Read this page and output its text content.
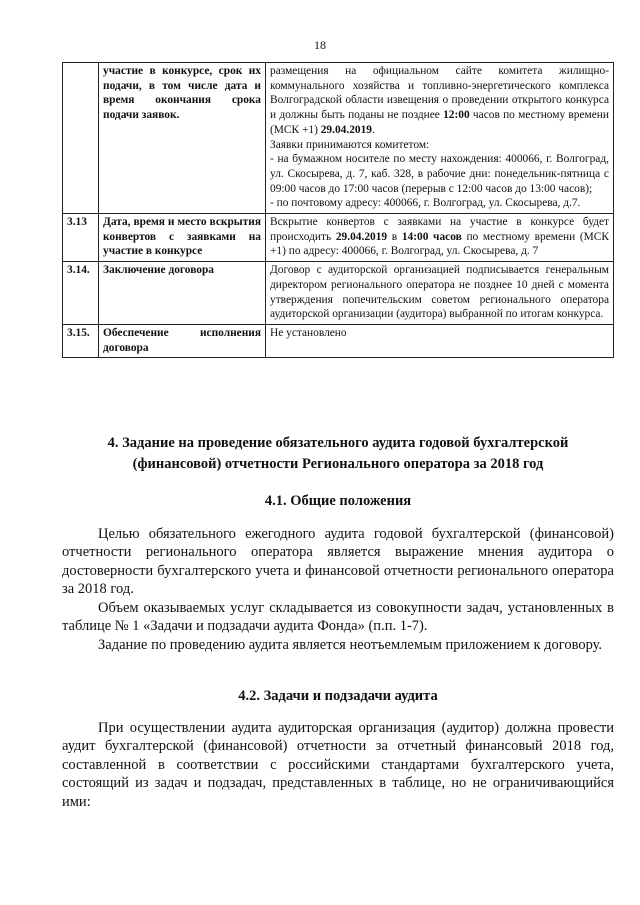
18
	участие в конкурсе, срок их подачи, в том числе дата и время окончания срока подачи заявок.	размещения на официальном сайте комитета жилищно-коммунального хозяйства и топливно-энергетического комплекса Волгоградской области извещения о проведении открытого конкурса и должны быть поданы не позднее 12:00 часов по местному времени (МСК +1) 29.04.2019.

Заявки принимаются комитетом:

- на бумажном носителе по месту нахождения: 400066, г. Волгоград, ул. Скосырева, д. 7, каб. 328, в рабочие дни: понедельник-пятница с 09:00 часов до 17:00 часов (перерыв с 12:00 часов до 13:00 часов);

- по почтовому адресу: 400066, г. Волгоград, ул. Скосырева, д.7.

3.13	Дата, время и место вскрытия конвертов с заявками на участие в конкурсе	Вскрытие конвертов с заявками на участие в конкурсе будет происходить 29.04.2019 в 14:00 часов по местному времени (МСК +1) по адресу: 400066, г. Волгоград, ул. Скосырева, д. 7

3.14.	Заключение договора	Договор с аудиторской организацией подписывается генеральным директором регионального оператора не позднее 10 дней с момента утверждения попечительским советом регионального оператора аудиторской организации (аудитора) выбранной по итогам конкурса.

3.15.	Обеспечение исполнения договора	Не установлено

4. Задание на проведение обязательного аудита годовой бухгалтерской (финансовой) отчетности Регионального оператора за 2018 год
4.1. Общие положения

Целью обязательного ежегодного аудита годовой бухгалтерской (финансовой) отчетности регионального оператора является выражение мнения аудитора о достоверности бухгалтерского учета и финансовой отчетности регионального оператора за 2018 год.

Объем оказываемых услуг складывается из совокупности задач, установленных в таблице № 1 «Задачи и подзадачи аудита Фонда» (п.п. 1-7).

Задание по проведению аудита является неотъемлемым приложением к договору.

4.2. Задачи и подзадачи аудита

При осуществлении аудита аудиторская организация (аудитор) должна провести аудит бухгалтерской (финансовой) отчетности за отчетный финансовый 2018 год, составленной в соответствии с российскими стандартами бухгалтерского учета, состоящий из задач и подзадач, представленных в таблице, но не ограничивающийся ими:
